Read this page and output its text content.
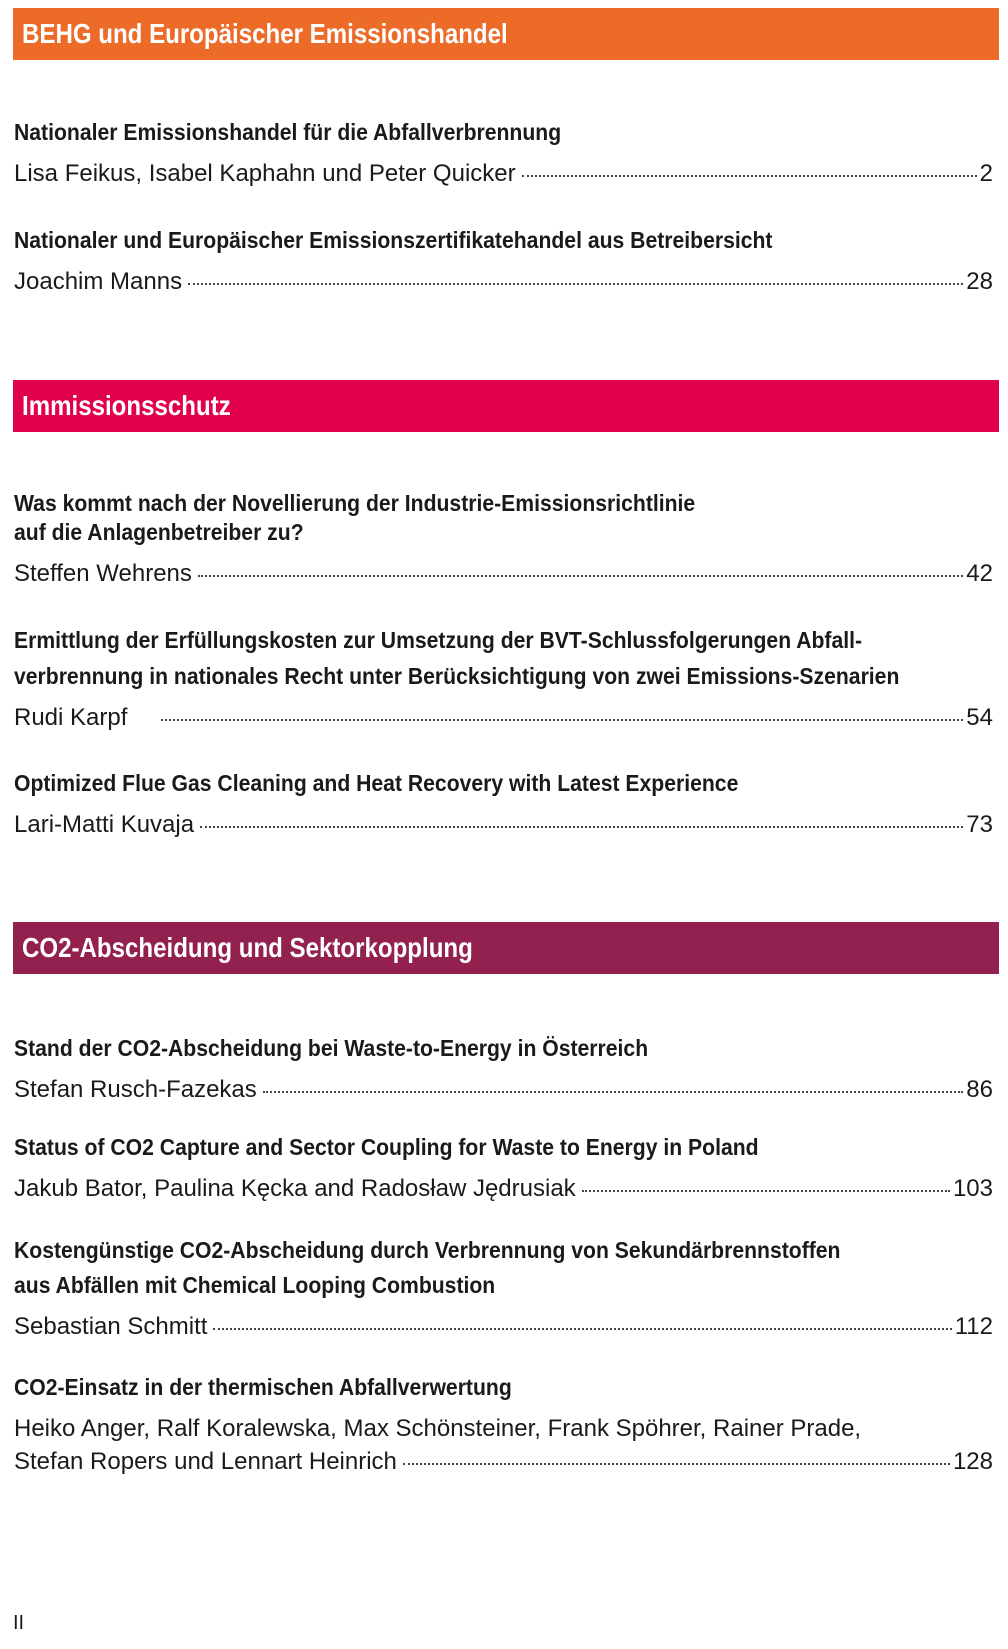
BEHG und Europäischer Emissionshandel
Nationaler Emissionshandel für die Abfallverbrennung
Lisa Feikus, Isabel Kaphahn und Peter Quicker	2
Nationaler und Europäischer Emissionszertifikatehandel aus Betreibersicht
Joachim Manns	28
Immissionsschutz
Was kommt nach der Novellierung der Industrie-Emissionsrichtlinie
auf die Anlagenbetreiber zu?
Steffen Wehrens	42
Ermittlung der Erfüllungskosten zur Umsetzung der BVT-Schlussfolgerungen Abfall-
verbrennung in nationales Recht unter Berücksichtigung von zwei Emissions-Szenarien
Rudi Karpf	54
Optimized Flue Gas Cleaning and Heat Recovery with Latest Experience
Lari-Matti Kuvaja	73
CO2-Abscheidung und Sektorkopplung
Stand der CO2-Abscheidung bei Waste-to-Energy in Österreich
Stefan Rusch-Fazekas	86
Status of CO2 Capture and Sector Coupling for Waste to Energy in Poland
Jakub Bator, Paulina Kęcka and Radosław Jędrusiak	103
Kostengünstige CO2-Abscheidung durch Verbrennung von Sekundärbrennstoffen
aus Abfällen mit Chemical Looping Combustion
Sebastian Schmitt	112
CO2-Einsatz in der thermischen Abfallverwertung
Heiko Anger, Ralf Koralewska, Max Schönsteiner, Frank Spöhrer, Rainer Prade,
Stefan Ropers und Lennart Heinrich	128
II
